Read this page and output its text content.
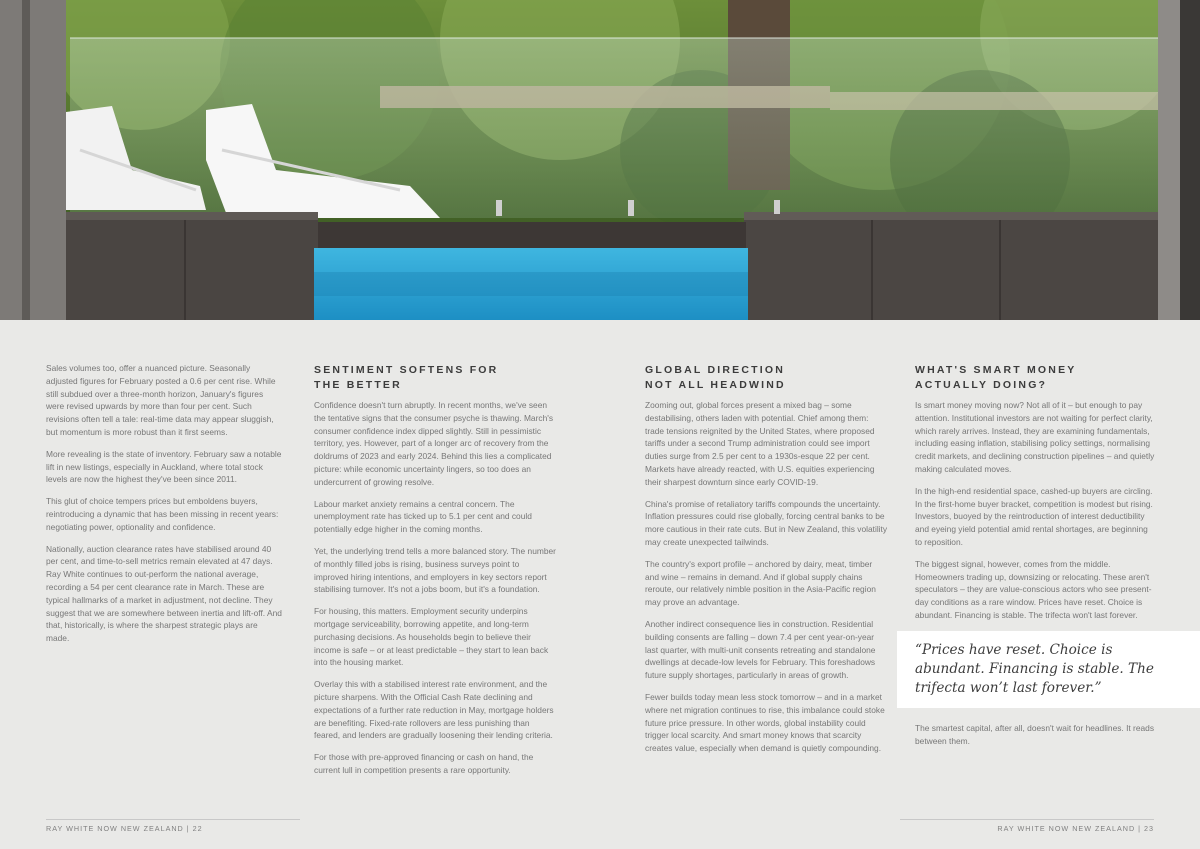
Sales volumes too, offer a nuanced picture. Seasonally adjusted figures for February posted a 0.6 per cent rise. While still subdued over a three-month horizon, January's figures were revised upwards by more than four per cent. Such revisions often tell a tale: real-time data may appear sluggish, but momentum is more robust than it first seems.

More revealing is the state of inventory. February saw a notable lift in new listings, especially in Auckland, where total stock levels are now the highest they've been since 2011.

This glut of choice tempers prices but emboldens buyers, reintroducing a dynamic that has been missing in recent years: negotiating power, optionality and confidence.

Nationally, auction clearance rates have stabilised around 40 per cent, and time-to-sell metrics remain elevated at 47 days. Ray White continues to out-perform the national average, recording a 54 per cent clearance rate in March. These are typical hallmarks of a market in adjustment, not decline. They suggest that we are somewhere between inertia and lift-off. And that, historically, is where the sharpest strategic plays are made.

SENTIMENT SOFTENS FOR
THE BETTER

Confidence doesn't turn abruptly. In recent months, we've seen the tentative signs that the consumer psyche is thawing. March's consumer confidence index dipped slightly. Still in pessimistic territory, yes. However, part of a longer arc of recovery from the doldrums of 2023 and early 2024. Behind this lies a complicated picture: while economic uncertainty lingers, so too does an undercurrent of growing resolve.

Labour market anxiety remains a central concern. The unemployment rate has ticked up to 5.1 per cent and could potentially edge higher in the coming months.

Yet, the underlying trend tells a more balanced story. The number of monthly filled jobs is rising, business surveys point to improved hiring intentions, and employers in key sectors report stabilising turnover. It's not a jobs boom, but it's a foundation.

For housing, this matters. Employment security underpins mortgage serviceability, borrowing appetite, and long-term purchasing decisions. As households begin to believe their income is safe – or at least predictable – they start to lean back into the housing market.

Overlay this with a stabilised interest rate environment, and the picture sharpens. With the Official Cash Rate declining and expectations of a further rate reduction in May, mortgage holders are benefiting. Fixed-rate rollovers are less punishing than feared, and lenders are gradually loosening their lending criteria.

For those with pre-approved financing or cash on hand, the current lull in competition presents a rare opportunity.

GLOBAL DIRECTION
NOT ALL HEADWIND

Zooming out, global forces present a mixed bag – some destabilising, others laden with potential. Chief among them: trade tensions reignited by the United States, where proposed tariffs under a second Trump administration could see import duties surge from 2.5 per cent to a 1930s-esque 22 per cent. Markets have already reacted, with U.S. equities experiencing their sharpest downturn since early COVID-19.

China's promise of retaliatory tariffs compounds the uncertainty. Inflation pressures could rise globally, forcing central banks to be more cautious in their rate cuts. But in New Zealand, this volatility may create unexpected tailwinds.

The country's export profile – anchored by dairy, meat, timber and wine – remains in demand. And if global supply chains reroute, our relatively nimble position in the Asia-Pacific region may prove an advantage.

Another indirect consequence lies in construction. Residential building consents are falling – down 7.4 per cent year-on-year last quarter, with multi-unit consents retreating and standalone dwellings at decade-low levels for February. This foreshadows future supply shortages, particularly in areas of growth.

Fewer builds today mean less stock tomorrow – and in a market where net migration continues to rise, this imbalance could stoke future price pressure. In other words, global instability could trigger local scarcity. And smart money knows that scarcity creates value, especially when demand is quietly compounding.

WHAT'S SMART MONEY
ACTUALLY DOING?

Is smart money moving now? Not all of it – but enough to pay attention. Institutional investors are not waiting for perfect clarity, which rarely arrives. Instead, they are examining fundamentals, including easing inflation, stabilising policy settings, normalising credit markets, and declining construction pipelines – and quietly making calculated moves.

In the high-end residential space, cashed-up buyers are circling. In the first-home buyer bracket, competition is modest but rising. Investors, buoyed by the reintroduction of interest deductibility and eyeing yield potential amid rental shortages, are beginning to reposition.

The biggest signal, however, comes from the middle. Homeowners trading up, downsizing or relocating. These aren't speculators – they are value-conscious actors who see present-day conditions as a rare window. Prices have reset. Choice is abundant. Financing is stable. The trifecta won't last forever.

“Prices have reset. Choice is abundant. Financing is stable. The trifecta won’t last forever.”

The smartest capital, after all, doesn't wait for headlines. It reads between them.

RAY WHITE NOW NEW ZEALAND | 22	RAY WHITE NOW NEW ZEALAND | 23
